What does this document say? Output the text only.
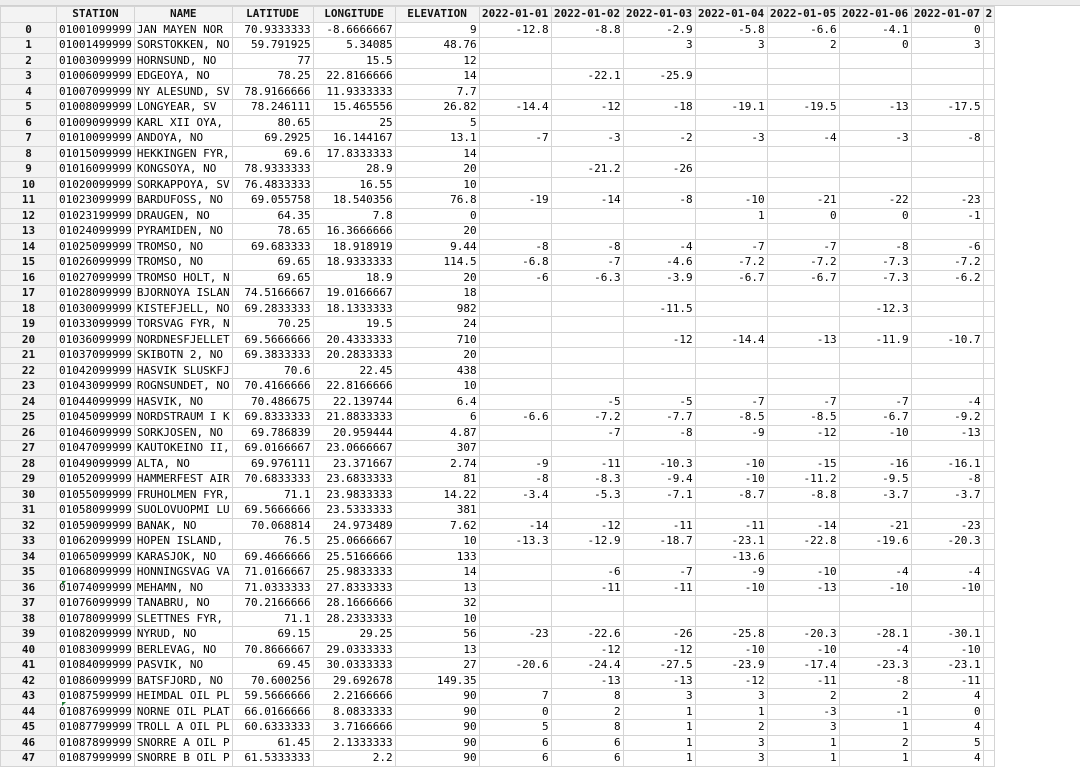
	STATION	NAME	LATITUDE	LONGITUDE	ELEVATION	2022-01-01	2022-01-02	2022-01-03	2022-01-04	2022-01-05	2022-01-06	2022-01-07	2
0	01001099999	JAN MAYEN NOR	70.9333333	-8.6666667	9	-12.8	-8.8	-2.9	-5.8	-6.6	-4.1	0	
1	01001499999	SORSTOKKEN, NO	59.791925	5.34085	48.76			3	3	2	0	3	
2	01003099999	HORNSUND, NO	77	15.5	12								
3	01006099999	EDGEOYA, NO	78.25	22.8166666	14		-22.1	-25.9					
4	01007099999	NY ALESUND, SV	78.9166666	11.9333333	7.7								
5	01008099999	LONGYEAR, SV	78.246111	15.465556	26.82	-14.4	-12	-18	-19.1	-19.5	-13	-17.5	
6	01009099999	KARL XII OYA,	80.65	25	5								
7	01010099999	ANDOYA, NO	69.2925	16.144167	13.1	-7	-3	-2	-3	-4	-3	-8	
8	01015099999	HEKKINGEN FYR,	69.6	17.8333333	14								
9	01016099999	KONGSOYA, NO	78.9333333	28.9	20		-21.2	-26					
10	01020099999	SORKAPPOYA, SV	76.4833333	16.55	10								
11	01023099999	BARDUFOSS, NO	69.055758	18.540356	76.8	-19	-14	-8	-10	-21	-22	-23	
12	01023199999	DRAUGEN, NO	64.35	7.8	0				1	0	0	-1	
13	01024099999	PYRAMIDEN, NO	78.65	16.3666666	20								
14	01025099999	TROMSO, NO	69.683333	18.918919	9.44	-8	-8	-4	-7	-7	-8	-6	
15	01026099999	TROMSO, NO	69.65	18.9333333	114.5	-6.8	-7	-4.6	-7.2	-7.2	-7.3	-7.2	
16	01027099999	TROMSO HOLT, N	69.65	18.9	20	-6	-6.3	-3.9	-6.7	-6.7	-7.3	-6.2	
17	01028099999	BJORNOYA ISLAN	74.5166667	19.0166667	18								
18	01030099999	KISTEFJELL, NO	69.2833333	18.1333333	982			-11.5			-12.3		
19	01033099999	TORSVAG FYR, N	70.25	19.5	24								
20	01036099999	NORDNESFJELLET	69.5666666	20.4333333	710			-12	-14.4	-13	-11.9	-10.7	
21	01037099999	SKIBOTN 2, NO	69.3833333	20.2833333	20								
22	01042099999	HASVIK SLUSKFJ	70.6	22.45	438								
23	01043099999	ROGNSUNDET, NO	70.4166666	22.8166666	10								
24	01044099999	HASVIK, NO	70.486675	22.139744	6.4		-5	-5	-7	-7	-7	-4	
25	01045099999	NORDSTRAUM I K	69.8333333	21.8833333	6	-6.6	-7.2	-7.7	-8.5	-8.5	-6.7	-9.2	
26	01046099999	SORKJOSEN, NO	69.786839	20.959444	4.87		-7	-8	-9	-12	-10	-13	
27	01047099999	KAUTOKEINO II,	69.0166667	23.0666667	307								
28	01049099999	ALTA, NO	69.976111	23.371667	2.74	-9	-11	-10.3	-10	-15	-16	-16.1	
29	01052099999	HAMMERFEST AIR	70.6833333	23.6833333	81	-8	-8.3	-9.4	-10	-11.2	-9.5	-8	
30	01055099999	FRUHOLMEN FYR,	71.1	23.9833333	14.22	-3.4	-5.3	-7.1	-8.7	-8.8	-3.7	-3.7	
31	01058099999	SUOLOVUOPMI LU	69.5666666	23.5333333	381								
32	01059099999	BANAK, NO	70.068814	24.973489	7.62	-14	-12	-11	-11	-14	-21	-23	
33	01062099999	HOPEN ISLAND,	76.5	25.0666667	10	-13.3	-12.9	-18.7	-23.1	-22.8	-19.6	-20.3	
34	01065099999	KARASJOK, NO	69.4666666	25.5166666	133				-13.6				
35	01068099999	HONNINGSVAG VA	71.0166667	25.9833333	14		-6	-7	-9	-10	-4	-4	
36	01074099999	MEHAMN, NO	71.0333333	27.8333333	13		-11	-11	-10	-13	-10	-10	
37	01076099999	TANABRU, NO	70.2166666	28.1666666	32								
38	01078099999	SLETTNES FYR,	71.1	28.2333333	10								
39	01082099999	NYRUD, NO	69.15	29.25	56	-23	-22.6	-26	-25.8	-20.3	-28.1	-30.1	
40	01083099999	BERLEVAG, NO	70.8666667	29.0333333	13		-12	-12	-10	-10	-4	-10	
41	01084099999	PASVIK, NO	69.45	30.0333333	27	-20.6	-24.4	-27.5	-23.9	-17.4	-23.3	-23.1	
42	01086099999	BATSFJORD, NO	70.600256	29.692678	149.35		-13	-13	-12	-11	-8	-11	
43	01087599999	HEIMDAL OIL PL	59.5666666	2.2166666	90	7	8	3	3	2	2	4	
44	01087699999	NORNE OIL PLAT	66.0166666	8.0833333	90	0	2	1	1	-3	-1	0	
45	01087799999	TROLL A OIL PL	60.6333333	3.7166666	90	5	8	1	2	3	1	4	
46	01087899999	SNORRE A OIL P	61.45	2.1333333	90	6	6	1	3	1	2	5	
47	01087999999	SNORRE B OIL P	61.5333333	2.2	90	6	6	1	3	1	1	4	
